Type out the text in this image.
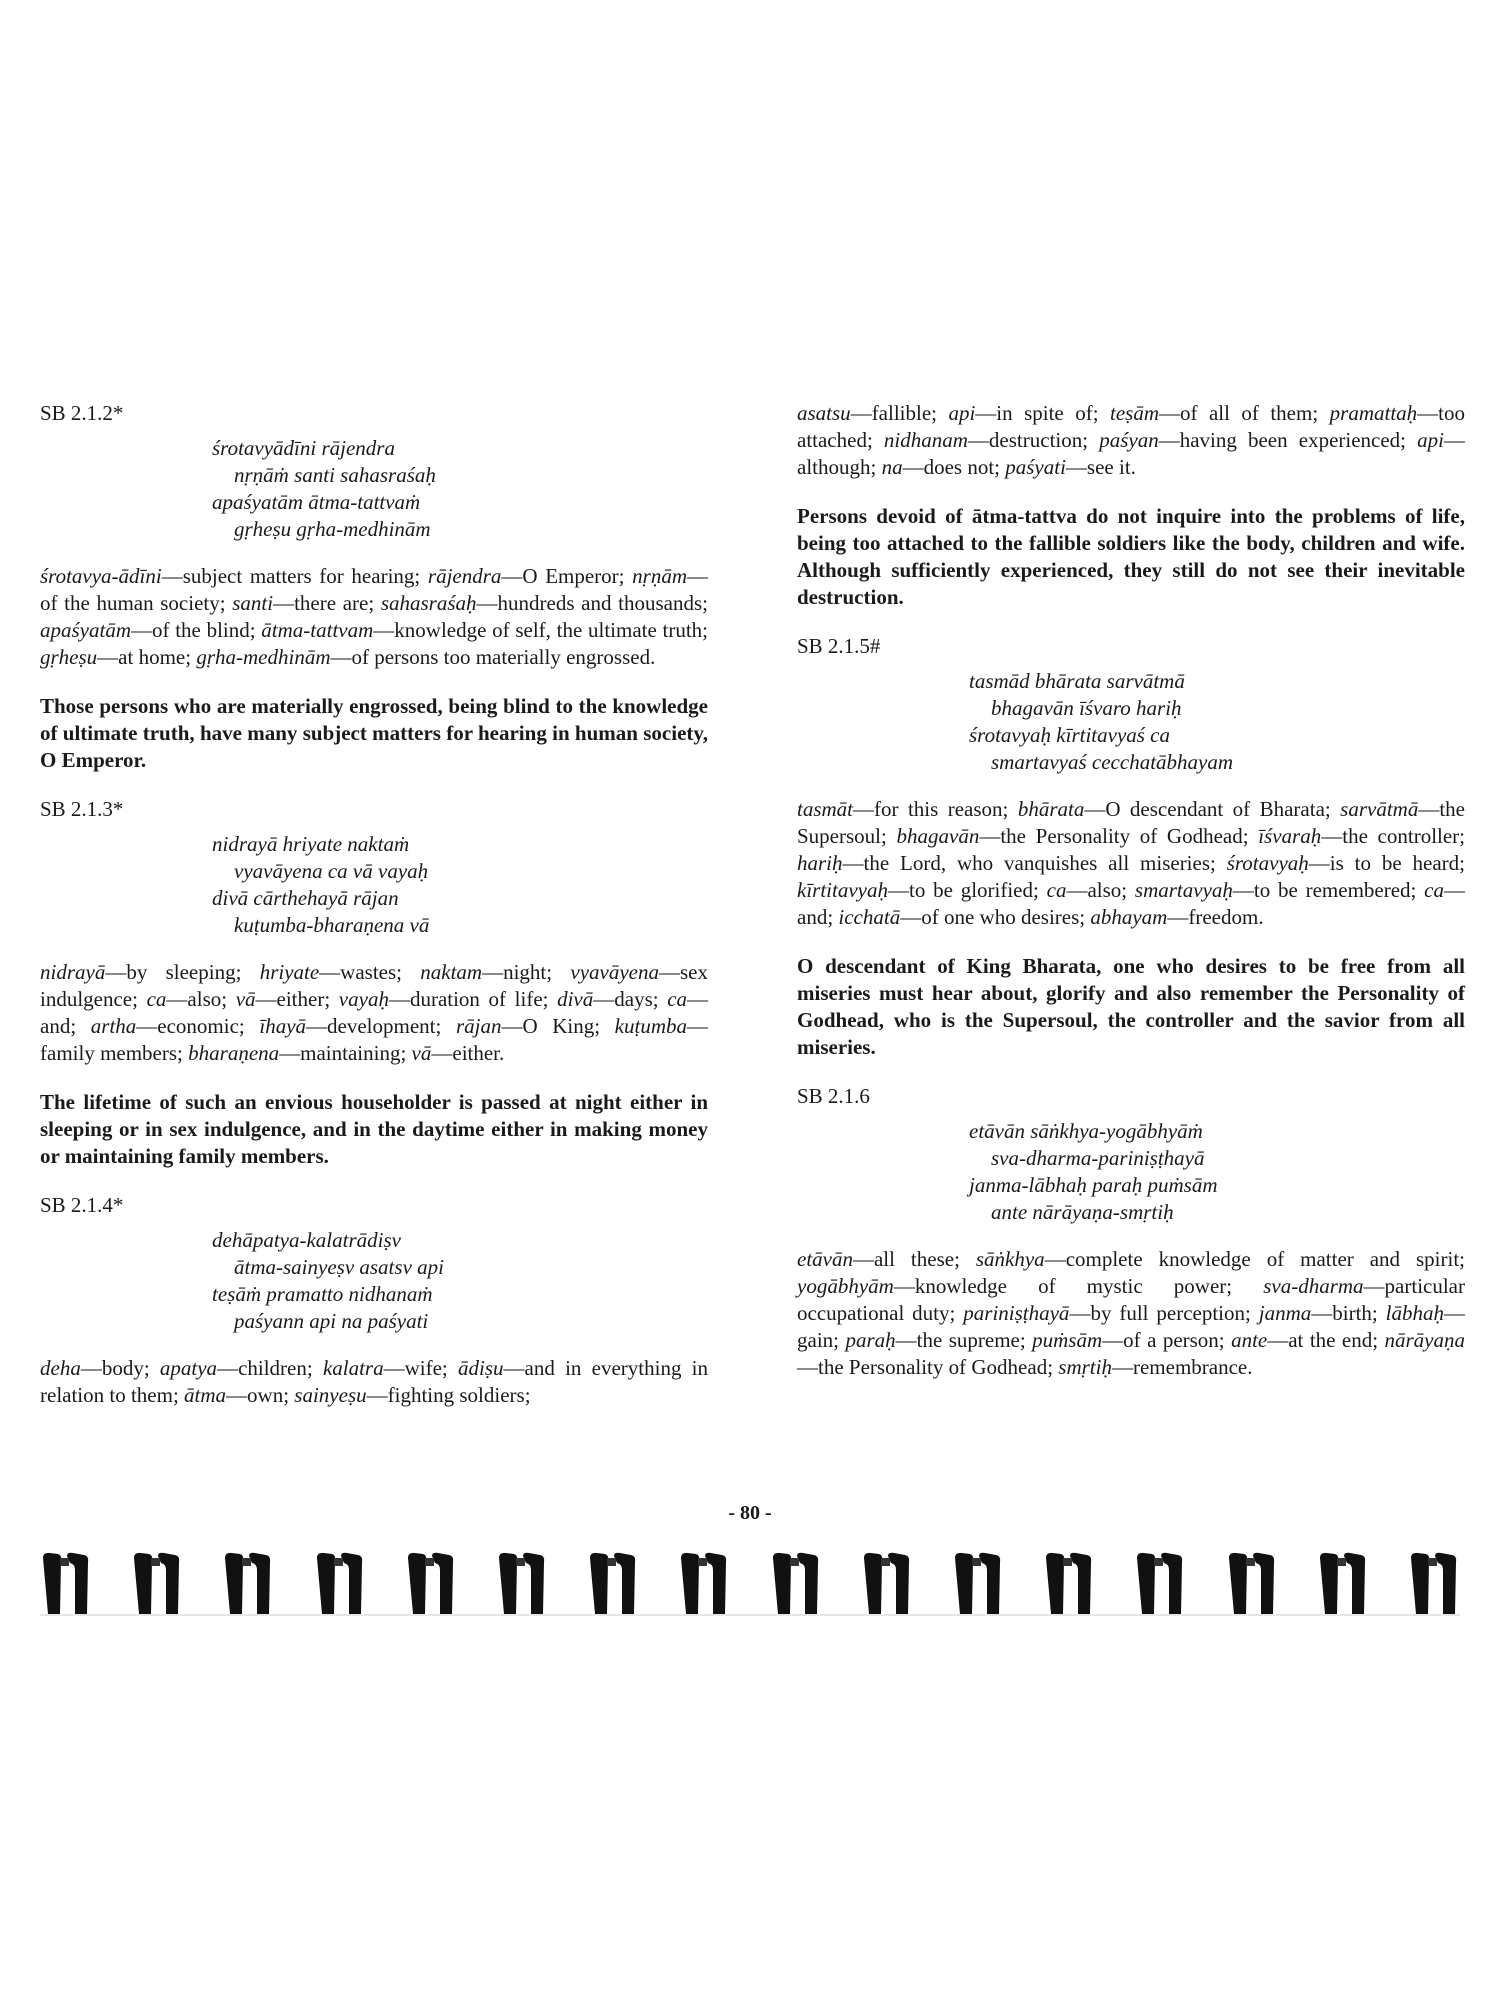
SB 2.1.2*
śrotavyādīni rājendra
nṛṇāṁ santi sahasraśaḥ
apaśyatām ātma-tattvaṁ
gṛheṣu gṛha-medhinām

śrotavya-ādīni—subject matters for hearing; rājendra—O Emperor; nṛṇām—of the human society; santi—there are; sahasraśaḥ—hundreds and thousands; apaśyatām—of the blind; ātma-tattvam—knowledge of self, the ultimate truth; gṛheṣu—at home; gṛha-medhinām—of persons too materially engrossed.

Those persons who are materially engrossed, being blind to the knowledge of ultimate truth, have many subject matters for hearing in human society, O Emperor.

SB 2.1.3*
nidrayā hriyate naktaṁ
vyavāyena ca vā vayaḥ
divā cārthehayā rājan
kuṭumba-bharaṇena vā

nidrayā—by sleeping; hriyate—wastes; naktam—night; vyavāyena—sex indulgence; ca—also; vā—either; vayaḥ—duration of life; divā—days; ca—and; artha—economic; īhayā—development; rājan—O King; kuṭumba—family members; bharaṇena—maintaining; vā—either.

The lifetime of such an envious householder is passed at night either in sleeping or in sex indulgence, and in the daytime either in making money or maintaining family members.

SB 2.1.4*
dehāpatya-kalatrādiṣv
ātma-sainyeṣv asatsv api
teṣāṁ pramatto nidhanaṁ
paśyann api na paśyati

deha—body; apatya—children; kalatra—wife; ādiṣu—and in everything in relation to them; ātma—own; sainyeṣu—fighting soldiers;

asatsu—fallible; api—in spite of; teṣām—of all of them; pramattaḥ—too attached; nidhanam—destruction; paśyan—having been experienced; api—although; na—does not; paśyati—see it.

Persons devoid of ātma-tattva do not inquire into the problems of life, being too attached to the fallible soldiers like the body, children and wife. Although sufficiently experienced, they still do not see their inevitable destruction.

SB 2.1.5#
tasmād bhārata sarvātmā
bhagavān īśvaro hariḥ
śrotavyaḥ kīrtitavyaś ca
smartavyaś cecchatābhayam

tasmāt—for this reason; bhārata—O descendant of Bharata; sarvātmā—the Supersoul; bhagavān—the Personality of Godhead; īśvaraḥ—the controller; hariḥ—the Lord, who vanquishes all miseries; śrotavyaḥ—is to be heard; kīrtitavyaḥ—to be glorified; ca—also; smartavyaḥ—to be remembered; ca—and; icchatā—of one who desires; abhayam—freedom.

O descendant of King Bharata, one who desires to be free from all miseries must hear about, glorify and also remember the Personality of Godhead, who is the Supersoul, the controller and the savior from all miseries.

SB 2.1.6
etāvān sāṅkhya-yogābhyāṁ
sva-dharma-pariniṣṭhayā
janma-lābhaḥ paraḥ puṁsām
ante nārāyaṇa-smṛtiḥ

etāvān—all these; sāṅkhya—complete knowledge of matter and spirit; yogābhyām—knowledge of mystic power; sva-dharma—particular occupational duty; pariniṣṭhayā—by full perception; janma—birth; lābhaḥ—gain; paraḥ—the supreme; puṁsām—of a person; ante—at the end; nārāyaṇa—the Personality of Godhead; smṛtiḥ—remembrance.

- 80 -
